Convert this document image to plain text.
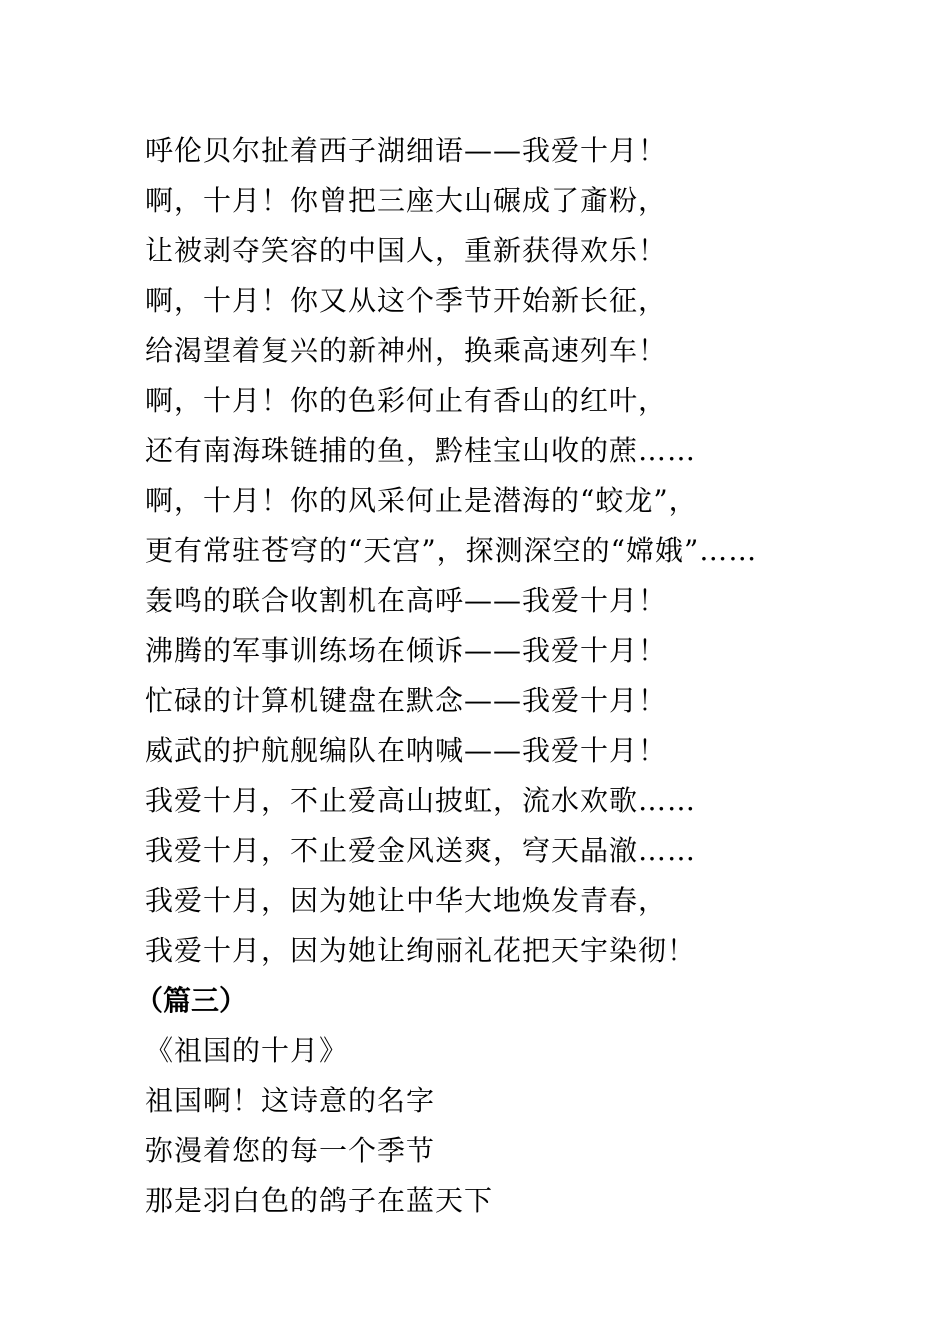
呼伦贝尔扯着西子湖细语——我爱十月！
啊，十月！你曾把三座大山碾成了齑粉，
让被剥夺笑容的中国人，重新获得欢乐！
啊，十月！你又从这个季节开始新长征，
给渴望着复兴的新神州，换乘高速列车！
啊，十月！你的色彩何止有香山的红叶，
还有南海珠链捕的鱼，黔桂宝山收的蔗……
啊，十月！你的风采何止是潜海的“蛟龙”，
更有常驻苍穹的“天宫”，探测深空的“嫦娥”……
轰鸣的联合收割机在高呼——我爱十月！
沸腾的军事训练场在倾诉——我爱十月！
忙碌的计算机键盘在默念——我爱十月！
威武的护航舰编队在呐喊——我爱十月！
我爱十月，不止爱高山披虹，流水欢歌……
我爱十月，不止爱金风送爽，穹天晶澈……
我爱十月，因为她让中华大地焕发青春，
我爱十月，因为她让绚丽礼花把天宇染彻！
（篇三）
《祖国的十月》
祖国啊！这诗意的名字
弥漫着您的每一个季节
那是羽白色的鸽子在蓝天下
